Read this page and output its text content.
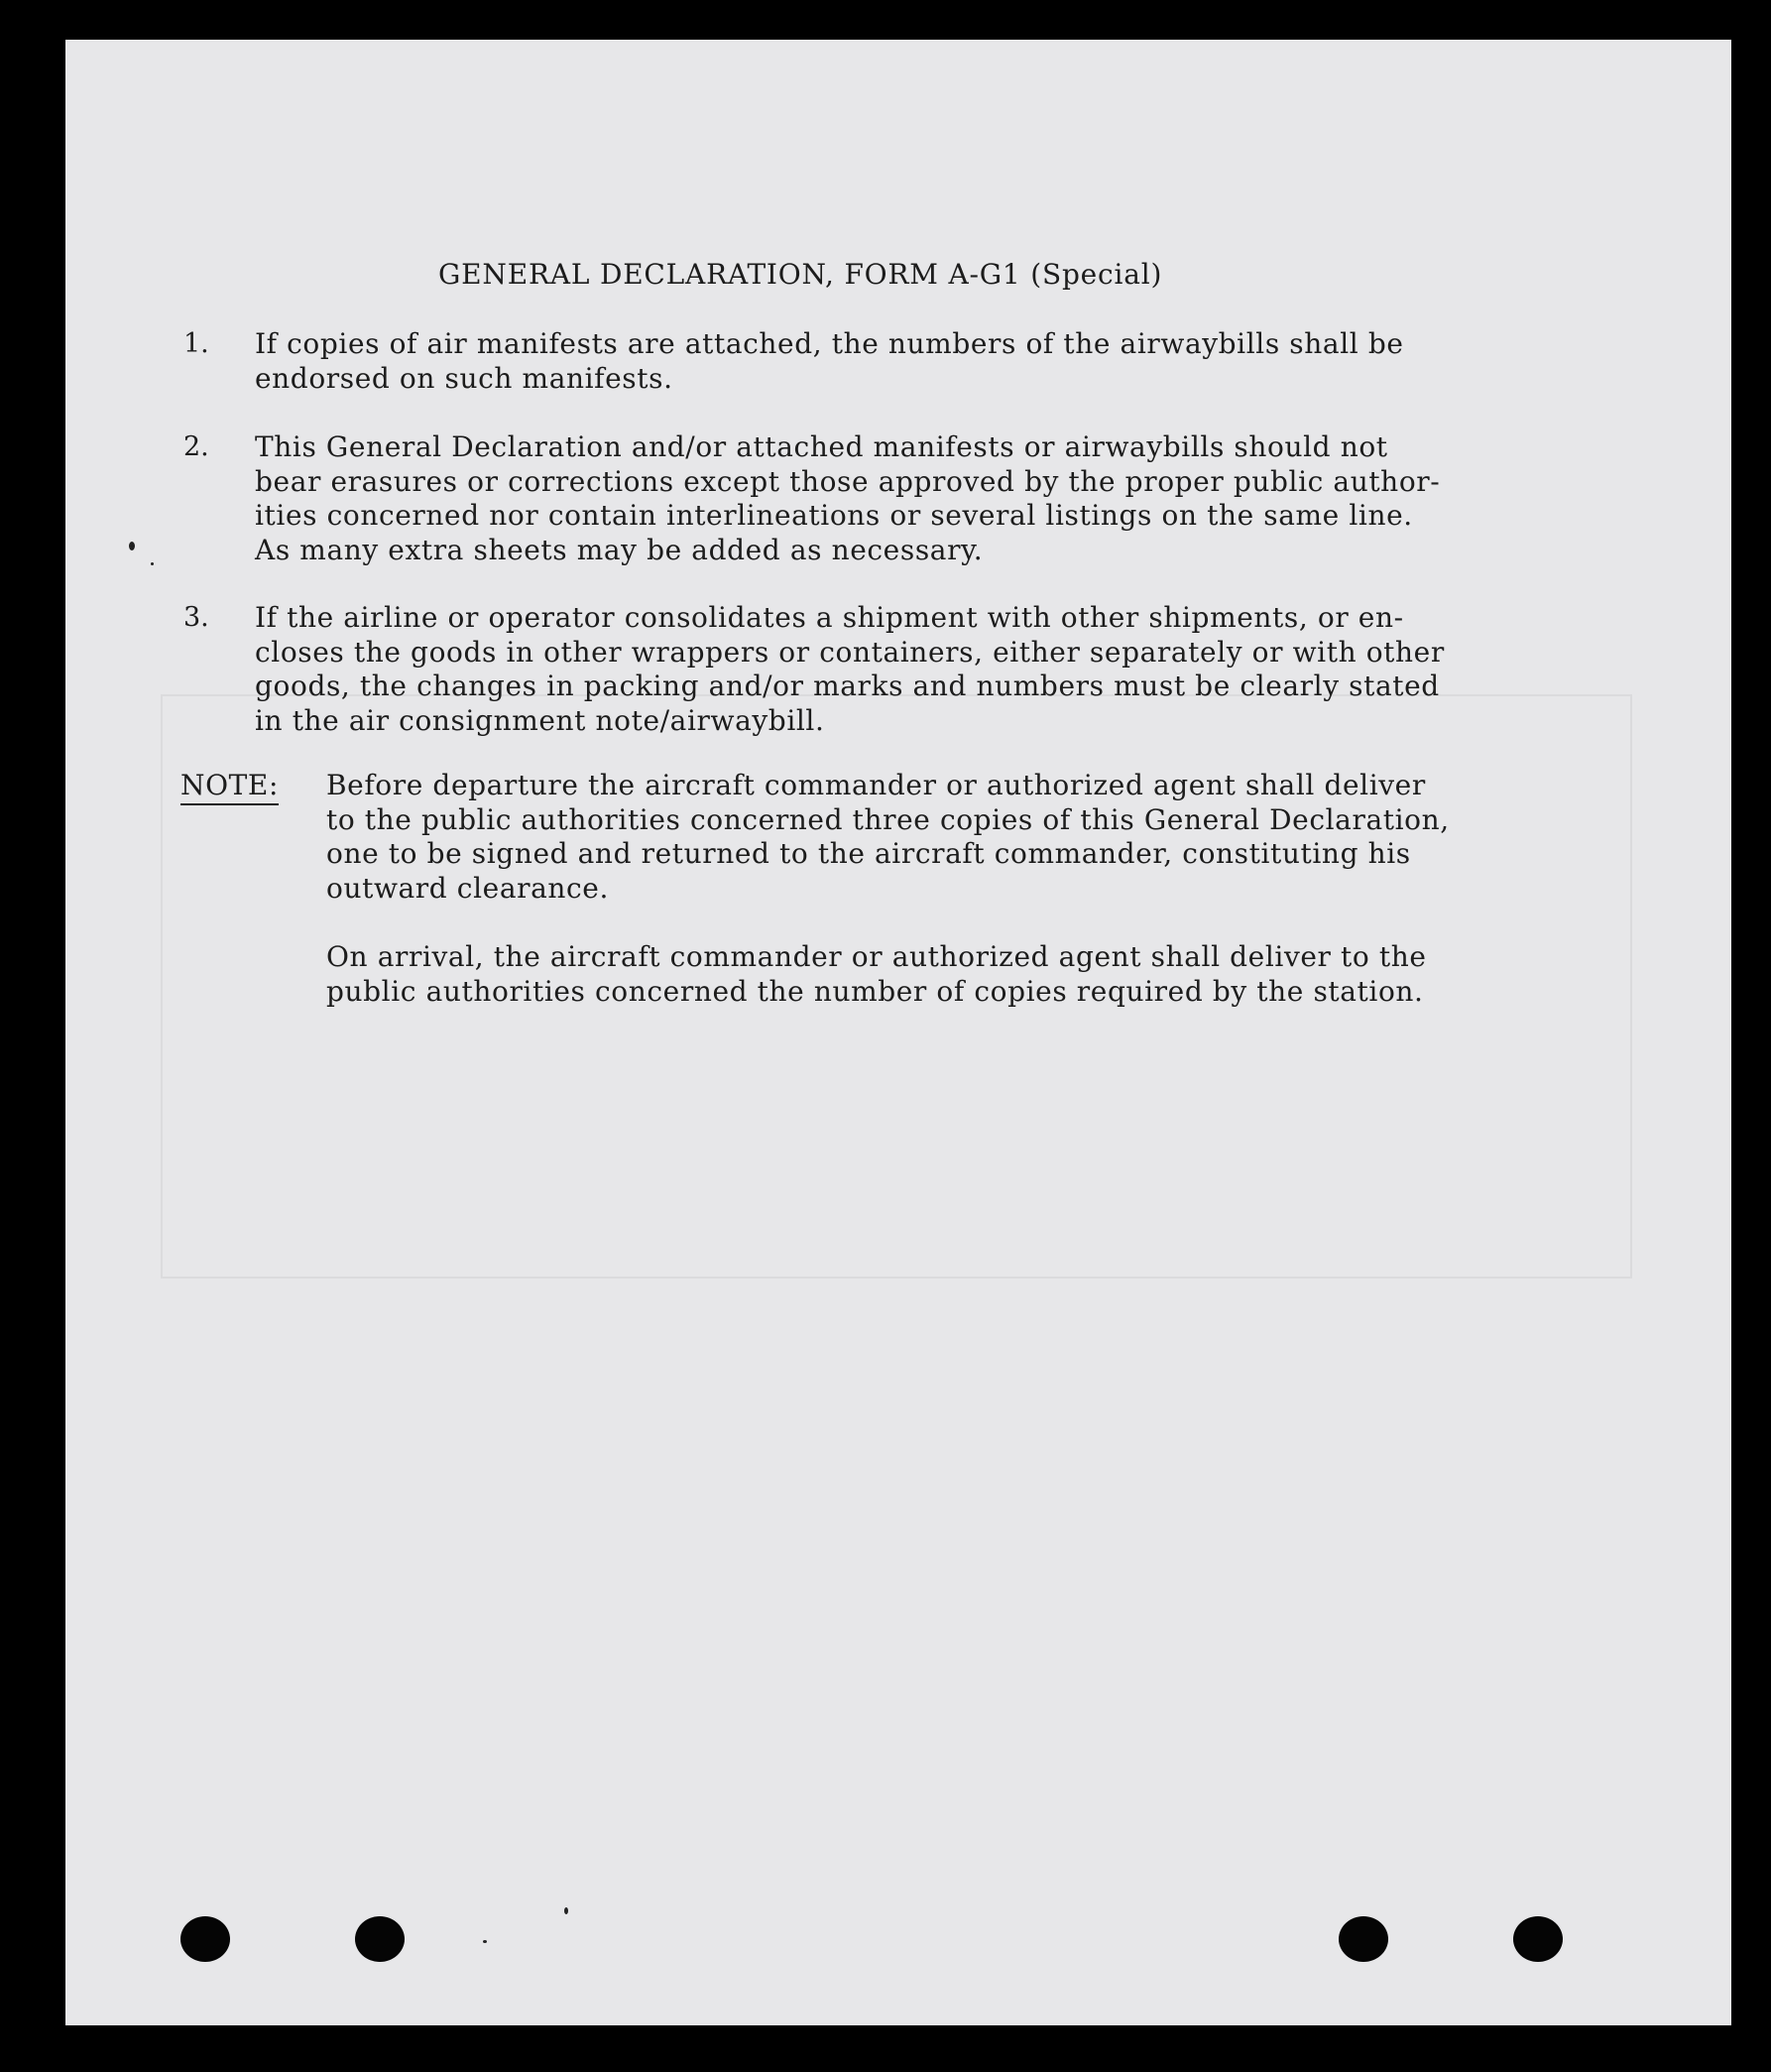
GENERAL DECLARATION, FORM A-G1 (Special)
1. If copies of air manifests are attached, the numbers of the airwaybills shall be
endorsed on such manifests.
2. This General Declaration and/or attached manifests or airwaybills should not
bear erasures or corrections except those approved by the proper public author-
ities concerned nor contain interlineations or several listings on the same line.
As many extra sheets may be added as necessary.
3. If the airline or operator consolidates a shipment with other shipments, or en-
closes the goods in other wrappers or containers, either separately or with other
goods, the changes in packing and/or marks and numbers must be clearly stated
in the air consignment note/airwaybill.
NOTE: Before departure the aircraft commander or authorized agent shall deliver
to the public authorities concerned three copies of this General Declaration,
one to be signed and returned to the aircraft commander, constituting his
outward clearance.
On arrival, the aircraft commander or authorized agent shall deliver to the
public authorities concerned the number of copies required by the station.
